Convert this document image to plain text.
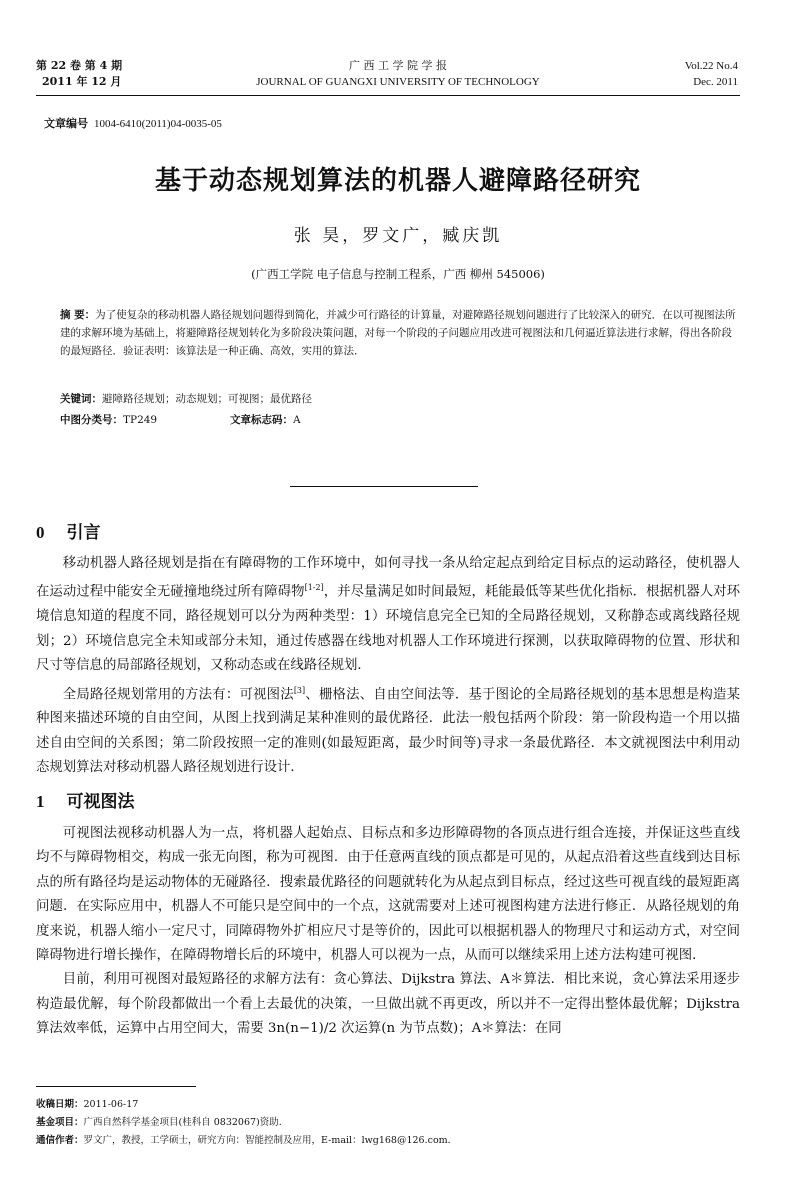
第 22 卷 第 4 期
2011 年 12 月
广 西 工 学 院 学 报
JOURNAL OF GUANGXI UNIVERSITY OF TECHNOLOGY
Vol.22 No.4
Dec. 2011
文章编号 1004-6410(2011)04-0035-05
基于动态规划算法的机器人避障路径研究
张 昊，罗文广，臧庆凯
(广西工学院 电子信息与控制工程系，广西 柳州 545006)
摘 要：为了使复杂的移动机器人路径规划问题得到简化，并减少可行路径的计算量，对避障路径规划问题进行了比较深入的研究．在以可视图法所建的求解环境为基础上，将避障路径规划转化为多阶段决策问题，对每一个阶段的子问题应用改进可视图法和几何逼近算法进行求解，得出各阶段的最短路径．验证表明：该算法是一种正确、高效，实用的算法．
关键词：避障路径规划；动态规划；可视图；最优路径
中图分类号：TP249	文章标志码：A
0 引言

移动机器人路径规划是指在有障碍物的工作环境中，如何寻找一条从给定起点到给定目标点的运动路径，使机器人在运动过程中能安全无碰撞地绕过所有障碍物[1-2]，并尽量满足如时间最短，耗能最低等某些优化指标．根据机器人对环境信息知道的程度不同，路径规划可以分为两种类型：1）环境信息完全已知的全局路径规划，又称静态或离线路径规划；2）环境信息完全未知或部分未知，通过传感器在线地对机器人工作环境进行探测，以获取障碍物的位置、形状和尺寸等信息的局部路径规划，又称动态或在线路径规划．

全局路径规划常用的方法有：可视图法[3]、栅格法、自由空间法等．基于图论的全局路径规划的基本思想是构造某种图来描述环境的自由空间，从图上找到满足某种准则的最优路径．此法一般包括两个阶段：第一阶段构造一个用以描述自由空间的关系图；第二阶段按照一定的准则(如最短距离，最少时间等)寻求一条最优路径．本文就视图法中利用动态规划算法对移动机器人路径规划进行设计．

1 可视图法

可视图法视移动机器人为一点，将机器人起始点、目标点和多边形障碍物的各顶点进行组合连接，并保证这些直线均不与障碍物相交，构成一张无向图，称为可视图．由于任意两直线的顶点都是可见的，从起点沿着这些直线到达目标点的所有路径均是运动物体的无碰路径．搜索最优路径的问题就转化为从起点到目标点，经过这些可视直线的最短距离问题．在实际应用中，机器人不可能只是空间中的一个点，这就需要对上述可视图构建方法进行修正．从路径规划的角度来说，机器人缩小一定尺寸，同障碍物外扩相应尺寸是等价的，因此可以根据机器人的物理尺寸和运动方式，对空间障碍物进行增长操作，在障碍物增长后的环境中，机器人可以视为一点，从而可以继续采用上述方法构建可视图．

目前，利用可视图对最短路径的求解方法有：贪心算法、Dijkstra 算法、A＊算法．相比来说，贪心算法采用逐步构造最优解，每个阶段都做出一个看上去最优的决策，一旦做出就不再更改，所以并不一定得出整体最优解；Dijkstra 算法效率低，运算中占用空间大，需要 3n(n−1)/2 次运算(n 为节点数)；A＊算法：在同

收稿日期：2011-06-17
基金项目：广西自然科学基金项目(桂科自 0832067)资助．
通信作者：罗文广，教授，工学硕士，研究方向：智能控制及应用，E-mail：lwg168@126.com．
